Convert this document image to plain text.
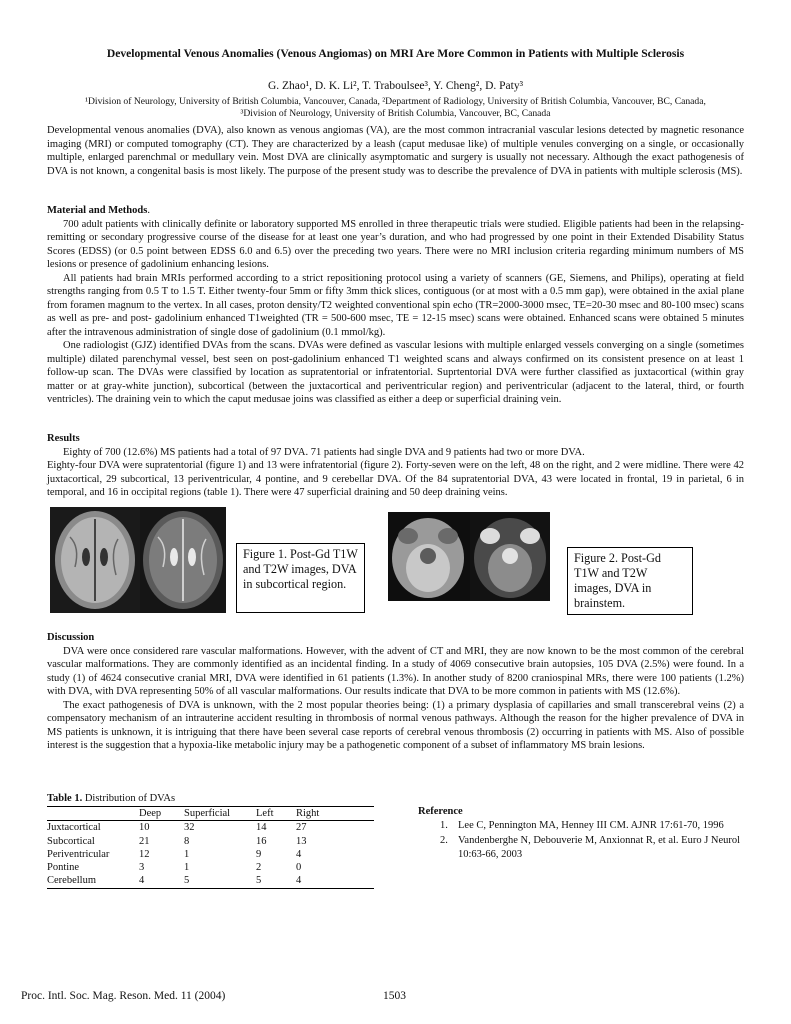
Developmental Venous Anomalies (Venous Angiomas) on MRI Are More Common in Patients with Multiple Sclerosis
G. Zhao¹, D. K. Li², T. Traboulsee³, Y. Cheng², D. Paty³
¹Division of Neurology, University of British Columbia, Vancouver, Canada, ²Department of Radiology, University of British Columbia, Vancouver, BC, Canada,
³Division of Neurology, University of British Columbia, Vancouver, BC, Canada
Developmental venous anomalies (DVA), also known as venous angiomas (VA), are the most common intracranial vascular lesions detected by magnetic resonance imaging (MRI) or computed tomography (CT). They are characterized by a leash (caput medusae like) of multiple venules converging on a single, or occasionally multiple, enlarged parenchmal or medullary vein. Most DVA are clinically asymptomatic and surgery is usually not necessary. Although the exact pathogenesis of DVA is not known, a congenital basis is most likely. The purpose of the present study was to describe the prevalence of DVA in patients with multiple sclerosis (MS).
Material and Methods.

700 adult patients with clinically definite or laboratory supported MS enrolled in three therapeutic trials were studied. Eligible patients had been in the relapsing-remitting or secondary progressive course of the disease for at least one year’s duration, and who had progressed by one point in their Extended Disability Status Scores (EDSS) (or 0.5 point between EDSS 6.0 and 6.5) over the preceding two years. There were no MRI inclusion criteria regarding minimum numbers of MS lesions or presence of gadolinium enhancing lesions.

All patients had brain MRIs performed according to a strict repositioning protocol using a variety of scanners (GE, Siemens, and Philips), operating at field strengths ranging from 0.5 T to 1.5 T. Either twenty-four 5mm or fifty 3mm thick slices, contiguous (or at most with a 0.5 mm gap), were obtained in the axial plane from foramen magnum to the vertex. In all cases, proton density/T2 weighted conventional spin echo (TR=2000-3000 msec, TE=20-30 msec and 80-100 msec) scans as well as pre- and post- gadolinium enhanced T1weighted (TR = 500-600 msec, TE = 12-15 msec) scans were obtained. Enhanced scans were obtained 5 minutes after the intravenous administration of single dose of gadolinium (0.1 mmol/kg).

One radiologist (GJZ) identified DVAs from the scans. DVAs were defined as vascular lesions with multiple enlarged vessels converging on a single (sometimes multiple) dilated parenchymal vessel, best seen on post-gadolinium enhanced T1 weighted scans and always confirmed on its consistent presence on at least 1 follow-up scan. The DVAs were classified by location as supratentorial or infratentorial. Suprtentorial DVA were further classified as juxtacortical (within gray matter or at gray-white junction), subcortical (between the juxtacortical and periventricular region) and periventricular (adjacent to the lateral, third, or fourth ventricles). The draining vein to which the caput medusae joins was classified as either a deep or superficial draining vein.

Results

Eighty of 700 (12.6%) MS patients had a total of 97 DVA. 71 patients had single DVA and 9 patients had two or more DVA.

Eighty-four DVA were supratentorial (figure 1) and 13 were infratentorial (figure 2). Forty-seven were on the left, 48 on the right, and 2 were midline. There were 42 juxtacortical, 29 subcortical, 13 periventricular, 4 pontine, and 9 cerebellar DVA. Of the 84 supratentorial DVA, 43 were located in frontal, 19 in parietal, 6 in temporal, and 16 in occipital regions (table 1). There were 47 superficial draining and 50 deep draining veins.

Figure 1. Post-Gd T1W and T2W images, DVA in subcortical region.
Figure 2. Post-Gd T1W and T2W images, DVA in brainstem.
Discussion

DVA were once considered rare vascular malformations. However, with the advent of CT and MRI, they are now known to be the most common of the cerebral vascular malformations. They are commonly identified as an incidental finding. In a study of 4069 consecutive brain autopsies, 105 DVA (2.5%) were found. In a study (1) of 4624 consecutive cranial MRI, DVA were identified in 61 patients (1.3%). In another study of 8200 craniospinal MRs, there were 100 patients (1.2%) with DVA, with DVA representing 50% of all vascular malformations. Our results indicate that DVA to be more common in patients with MS (12.6%).

The exact pathogenesis of DVA is unknown, with the 2 most popular theories being: (1) a primary dysplasia of capillaries and small transcerebral veins (2) a compensatory mechanism of an intrauterine accident resulting in thrombosis of normal venous pathways. Although the reason for the higher prevalence of DVA in MS patients is unknown, it is intriguing that there have been several case reports of cerebral venous thrombosis (2) occurring in patients with MS. Also of possible interest is the suggestion that a hypoxia-like metabolic injury may be a pathogenetic component of a subset of inflammatory MS brain lesions.

Table 1. Distribution of DVAs
	Deep	Superficial	Left	Right
Juxtacortical	10	32	14	27
Subcortical	21	8	16	13
Periventricular	12	1	9	4
Pontine	3	1	2	0
Cerebellum	4	5	5	4
Reference
1. Lee C, Pennington MA, Henney III CM. AJNR 17:61-70, 1996
2. Vandenberghe N, Debouverie M, Anxionnat R, et al. Euro J Neurol 10:63-66, 2003
Proc. Intl. Soc. Mag. Reson. Med. 11 (2004)	1503
